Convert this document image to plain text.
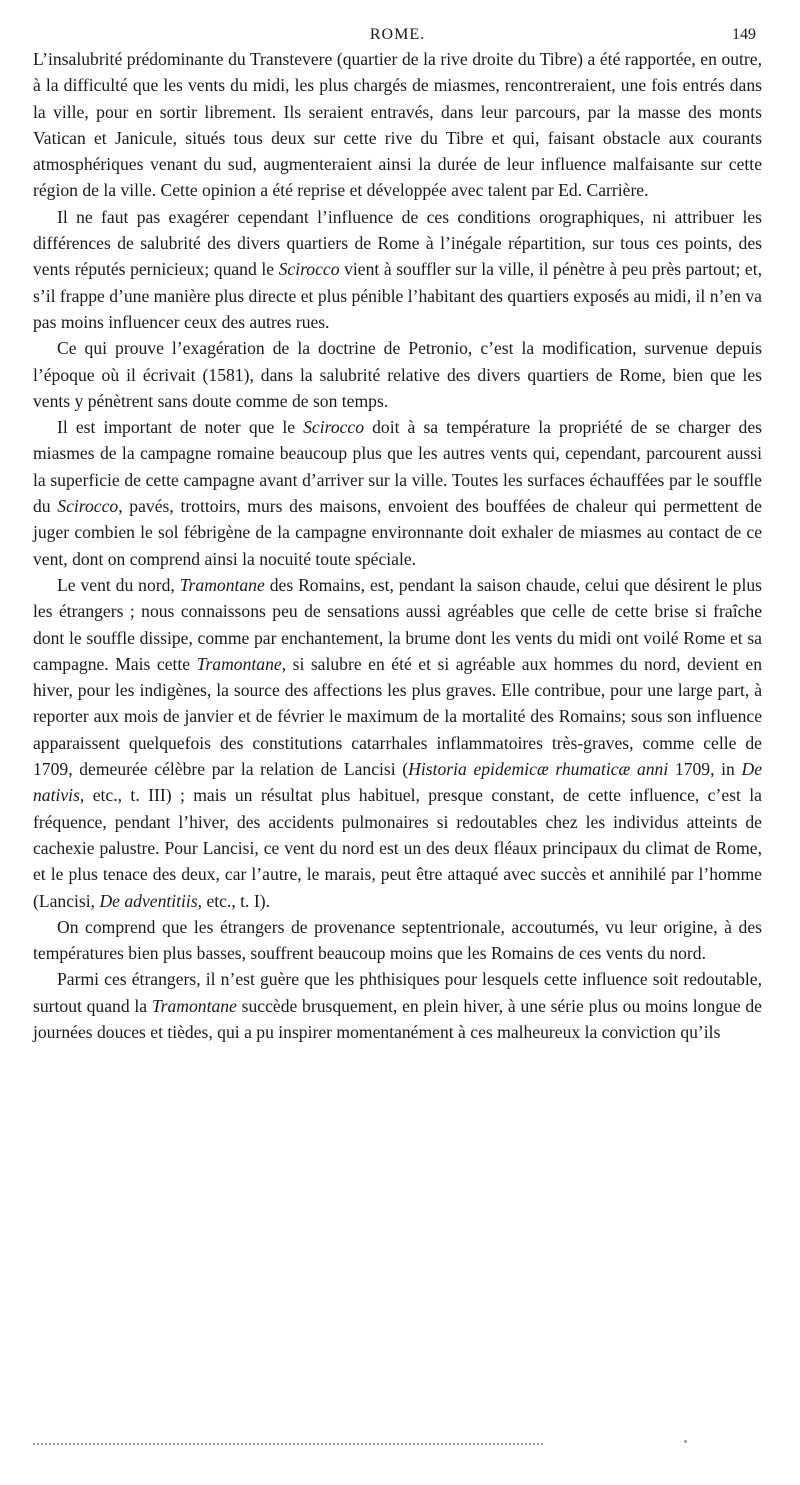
ROME.	149

L’insalubrité prédominante du Transtevere (quartier de la rive droite du Tibre) a été rapportée, en outre, à la difficulté que les vents du midi, les plus chargés de miasmes, rencontreraient, une fois entrés dans la ville, pour en sortir librement. Ils seraient entravés, dans leur parcours, par la masse des monts Vatican et Janicule, situés tous deux sur cette rive du Tibre et qui, faisant obstacle aux courants atmosphériques venant du sud, augmenteraient ainsi la durée de leur influence malfaisante sur cette région de la ville. Cette opinion a été reprise et développée avec talent par Ed. Carrière.

Il ne faut pas exagérer cependant l’influence de ces conditions orographiques, ni attribuer les différences de salubrité des divers quartiers de Rome à l’inégale répartition, sur tous ces points, des vents réputés pernicieux; quand le Scirocco vient à souffler sur la ville, il pénètre à peu près partout; et, s’il frappe d’une manière plus directe et plus pénible l’habitant des quartiers exposés au midi, il n’en va pas moins influencer ceux des autres rues.

Ce qui prouve l’exagération de la doctrine de Petronio, c’est la modification, survenue depuis l’époque où il écrivait (1581), dans la salubrité relative des divers quartiers de Rome, bien que les vents y pénètrent sans doute comme de son temps.

Il est important de noter que le Scirocco doit à sa température la propriété de se charger des miasmes de la campagne romaine beaucoup plus que les autres vents qui, cependant, parcourent aussi la superficie de cette campagne avant d’arriver sur la ville. Toutes les surfaces échauffées par le souffle du Scirocco, pavés, trottoirs, murs des maisons, envoient des bouffées de chaleur qui permettent de juger combien le sol fébrigène de la campagne environnante doit exhaler de miasmes au contact de ce vent, dont on comprend ainsi la nocuité toute spéciale.

Le vent du nord, Tramontane des Romains, est, pendant la saison chaude, celui que désirent le plus les étrangers ; nous connaissons peu de sensations aussi agréables que celle de cette brise si fraîche dont le souffle dissipe, comme par enchantement, la brume dont les vents du midi ont voilé Rome et sa campagne. Mais cette Tramontane, si salubre en été et si agréable aux hommes du nord, devient en hiver, pour les indigènes, la source des affections les plus graves. Elle contribue, pour une large part, à reporter aux mois de janvier et de février le maximum de la mortalité des Romains; sous son influence apparaissent quelquefois des constitutions catarrhales inflammatoires très-graves, comme celle de 1709, demeurée célèbre par la relation de Lancisi (Historia epidemicæ rhumaticæ anni 1709, in De nativis, etc., t. III) ; mais un résultat plus habituel, presque constant, de cette influence, c’est la fréquence, pendant l’hiver, des accidents pulmonaires si redoutables chez les individus atteints de cachexie palustre. Pour Lancisi, ce vent du nord est un des deux fléaux principaux du climat de Rome, et le plus tenace des deux, car l’autre, le marais, peut être attaqué avec succès et annihilé par l’homme (Lancisi, De adventitiis, etc., t. I).

On comprend que les étrangers de provenance septentrionale, accoutumés, vu leur origine, à des températures bien plus basses, souffrent beaucoup moins que les Romains de ces vents du nord.

Parmi ces étrangers, il n’est guère que les phthisiques pour lesquels cette influence soit redoutable, surtout quand la Tramontane succède brusquement, en plein hiver, à une série plus ou moins longue de journées douces et tièdes, qui a pu inspirer momentanément à ces malheureux la conviction qu’ils
